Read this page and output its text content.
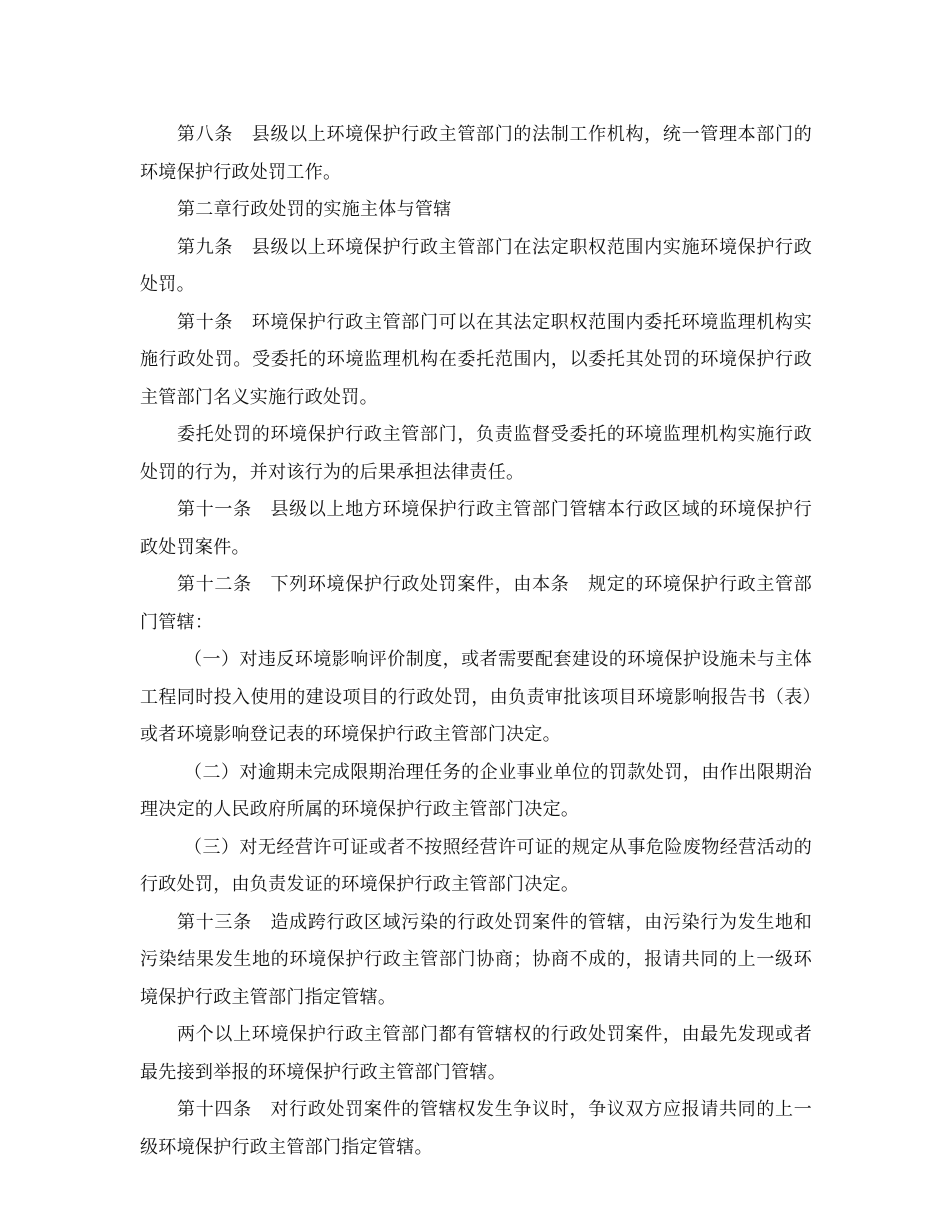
第八条　县级以上环境保护行政主管部门的法制工作机构，统一管理本部门的环境保护行政处罚工作。

第二章行政处罚的实施主体与管辖

第九条　县级以上环境保护行政主管部门在法定职权范围内实施环境保护行政处罚。

第十条　环境保护行政主管部门可以在其法定职权范围内委托环境监理机构实施行政处罚。受委托的环境监理机构在委托范围内，以委托其处罚的环境保护行政主管部门名义实施行政处罚。

委托处罚的环境保护行政主管部门，负责监督受委托的环境监理机构实施行政处罚的行为，并对该行为的后果承担法律责任。

第十一条　县级以上地方环境保护行政主管部门管辖本行政区域的环境保护行政处罚案件。

第十二条　下列环境保护行政处罚案件，由本条　规定的环境保护行政主管部门管辖：

（一）对违反环境影响评价制度，或者需要配套建设的环境保护设施未与主体工程同时投入使用的建设项目的行政处罚，由负责审批该项目环境影响报告书（表）或者环境影响登记表的环境保护行政主管部门决定。

（二）对逾期未完成限期治理任务的企业事业单位的罚款处罚，由作出限期治理决定的人民政府所属的环境保护行政主管部门决定。

（三）对无经营许可证或者不按照经营许可证的规定从事危险废物经营活动的行政处罚，由负责发证的环境保护行政主管部门决定。

第十三条　造成跨行政区域污染的行政处罚案件的管辖，由污染行为发生地和污染结果发生地的环境保护行政主管部门协商；协商不成的，报请共同的上一级环境保护行政主管部门指定管辖。

两个以上环境保护行政主管部门都有管辖权的行政处罚案件，由最先发现或者最先接到举报的环境保护行政主管部门管辖。

第十四条　对行政处罚案件的管辖权发生争议时，争议双方应报请共同的上一级环境保护行政主管部门指定管辖。
